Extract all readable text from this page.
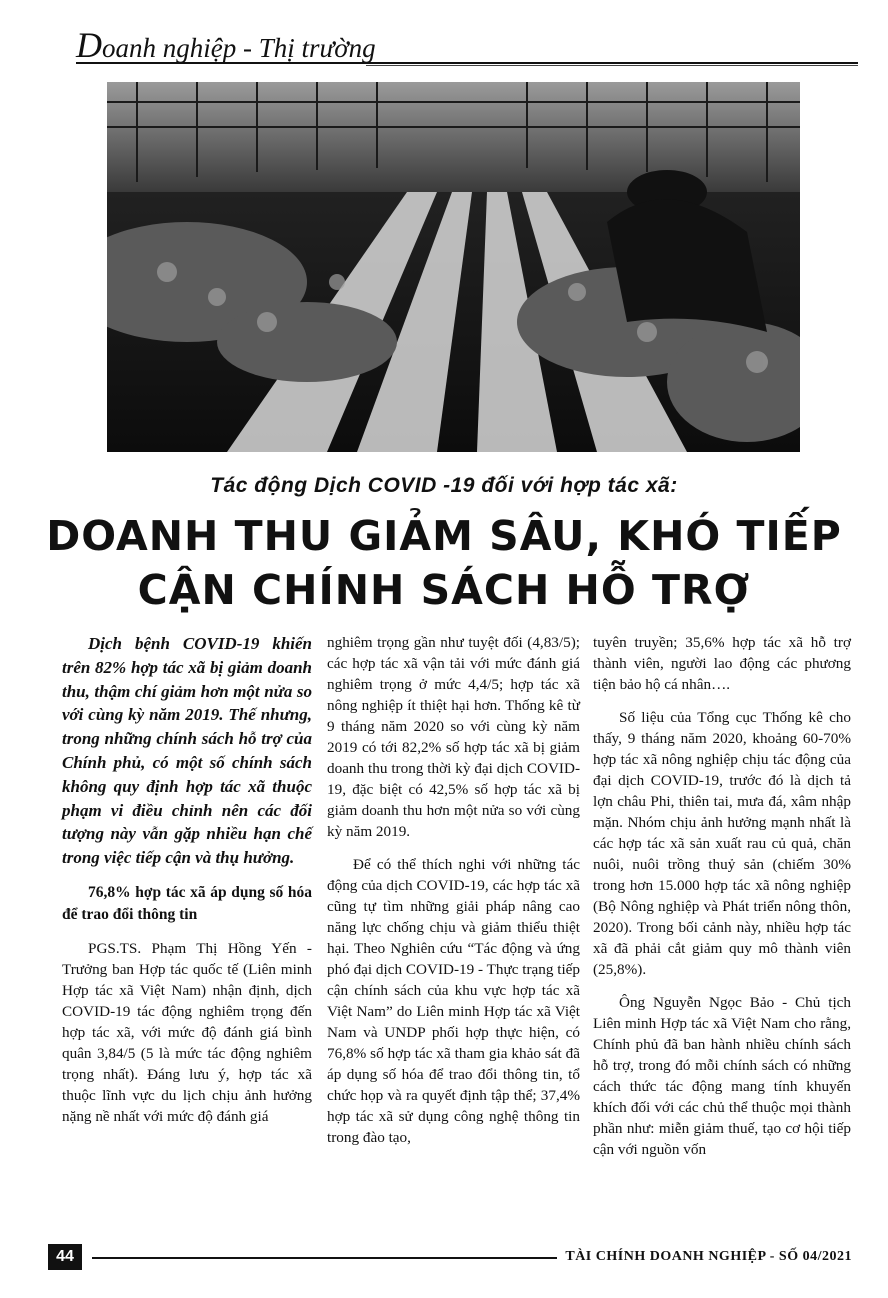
Doanh nghiệp - Thị trường
Tác động Dịch COVID -19 đối với hợp tác xã:
DOANH THU GIẢM SÂU, KHÓ TIẾP
CẬN CHÍNH SÁCH HỖ TRỢ

Dịch bệnh COVID-19 khiến trên 82% hợp tác xã bị giảm doanh thu, thậm chí giảm hơn một nửa so với cùng kỳ năm 2019. Thế nhưng, trong những chính sách hỗ trợ của Chính phủ, có một số chính sách không quy định hợp tác xã thuộc phạm vi điều chỉnh nên các đối tượng này vẫn gặp nhiều hạn chế trong việc tiếp cận và thụ hưởng.

76,8% hợp tác xã áp dụng số hóa để trao đổi thông tin

PGS.TS. Phạm Thị Hồng Yến - Trưởng ban Hợp tác quốc tế (Liên minh Hợp tác xã Việt Nam) nhận định, dịch COVID-19 tác động nghiêm trọng đến hợp tác xã, với mức độ đánh giá bình quân 3,84/5 (5 là mức tác động nghiêm trọng nhất). Đáng lưu ý, hợp tác xã thuộc lĩnh vực du lịch chịu ảnh hưởng nặng nề nhất với mức độ đánh giá

nghiêm trọng gần như tuyệt đối (4,83/5); các hợp tác xã vận tải với mức đánh giá nghiêm trọng ở mức 4,4/5; hợp tác xã nông nghiệp ít thiệt hại hơn. Thống kê từ 9 tháng năm 2020 so với cùng kỳ năm 2019 có tới 82,2% số hợp tác xã bị giảm doanh thu trong thời kỳ đại dịch COVID-19, đặc biệt có 42,5% số hợp tác xã bị giảm doanh thu hơn một nửa so với cùng kỳ năm 2019.

Để có thể thích nghi với những tác động của dịch COVID-19, các hợp tác xã cũng tự tìm những giải pháp nâng cao năng lực chống chịu và giảm thiểu thiệt hại. Theo Nghiên cứu “Tác động và ứng phó đại dịch COVID-19 - Thực trạng tiếp cận chính sách của khu vực hợp tác xã Việt Nam” do Liên minh Hợp tác xã Việt Nam và UNDP phối hợp thực hiện, có 76,8% số hợp tác xã tham gia khảo sát đã áp dụng số hóa để trao đổi thông tin, tổ chức họp và ra quyết định tập thể; 37,4% hợp tác xã sử dụng công nghệ thông tin trong đào tạo,

tuyên truyền; 35,6% hợp tác xã hỗ trợ thành viên, người lao động các phương tiện bảo hộ cá nhân….

Số liệu của Tổng cục Thống kê cho thấy, 9 tháng năm 2020, khoảng 60-70% hợp tác xã nông nghiệp chịu tác động của đại dịch COVID-19, trước đó là dịch tả lợn châu Phi, thiên tai, mưa đá, xâm nhập mặn. Nhóm chịu ảnh hưởng mạnh nhất là các hợp tác xã sản xuất rau củ quả, chăn nuôi, nuôi trồng thuỷ sản (chiếm 30% trong hơn 15.000 hợp tác xã nông nghiệp (Bộ Nông nghiệp và Phát triển nông thôn, 2020). Trong bối cảnh này, nhiều hợp tác xã đã phải cắt giảm quy mô thành viên (25,8%).

Ông Nguyễn Ngọc Bảo - Chủ tịch Liên minh Hợp tác xã Việt Nam cho rằng, Chính phủ đã ban hành nhiều chính sách hỗ trợ, trong đó mỗi chính sách có những cách thức tác động mang tính khuyến khích đối với các chủ thể thuộc mọi thành phần như: miễn giảm thuế, tạo cơ hội tiếp cận với nguồn vốn

44	TÀI CHÍNH DOANH NGHIỆP - SỐ 04/2021
